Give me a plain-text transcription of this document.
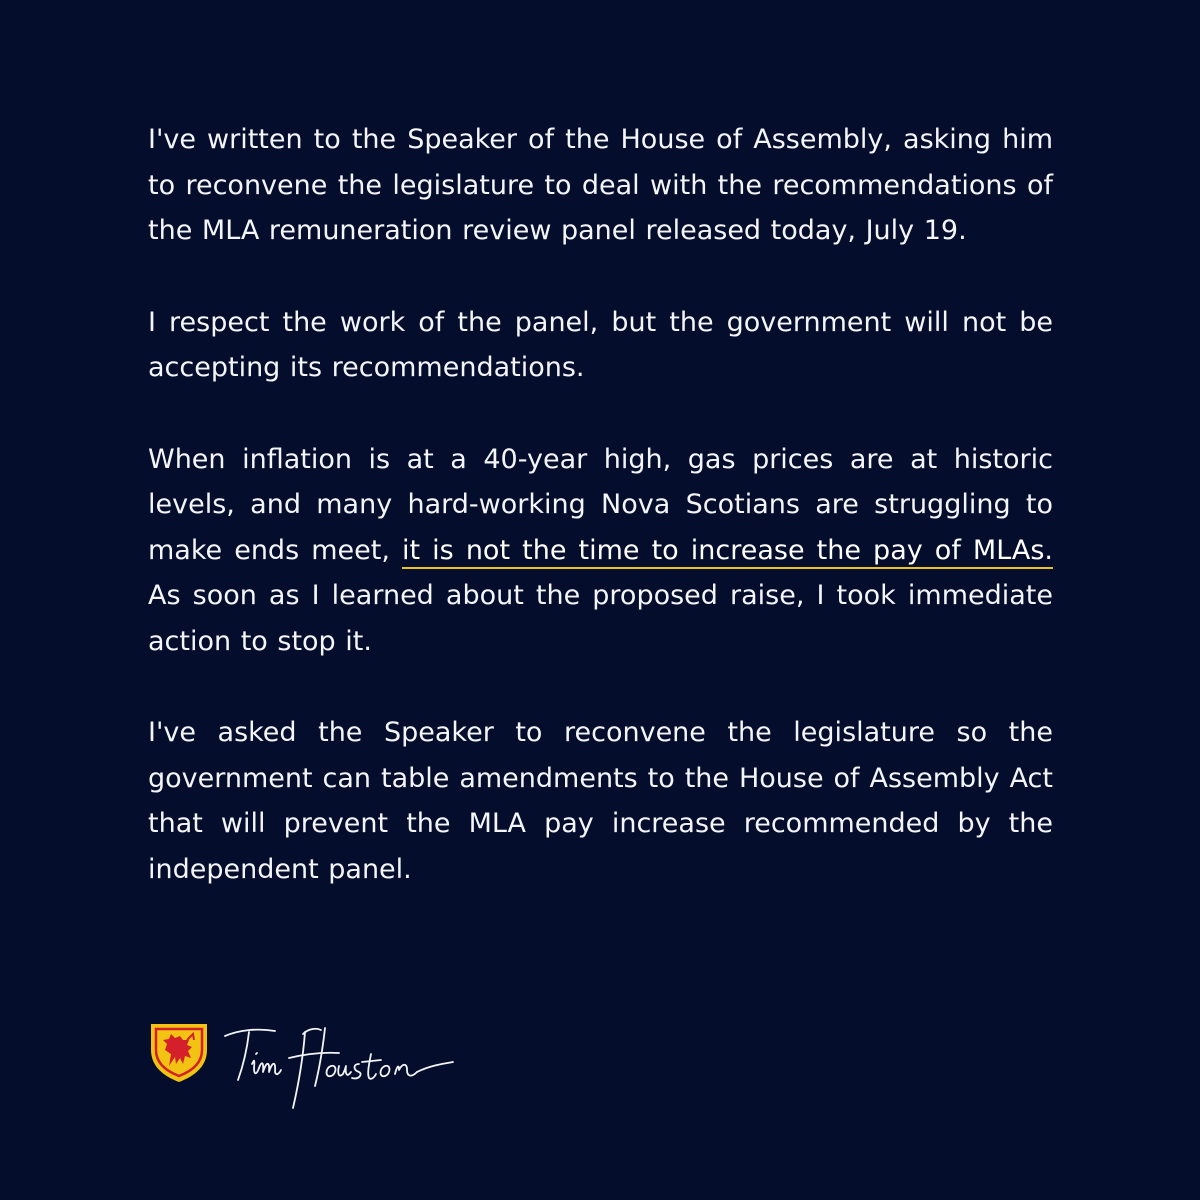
I've written to the Speaker of the House of Assembly, asking him to reconvene the legislature to deal with the recommendations of the MLA remuneration review panel released today, July 19.

I respect the work of the panel, but the government will not be accepting its recommendations.

When inflation is at a 40-year high, gas prices are at historic levels, and many hard-working Nova Scotians are struggling to make ends meet, it is not the time to increase the pay of MLAs. As soon as I learned about the proposed raise, I took immediate action to stop it.

I've asked the Speaker to reconvene the legislature so the government can table amendments to the House of Assembly Act that will prevent the MLA pay increase recommended by the independent panel.
